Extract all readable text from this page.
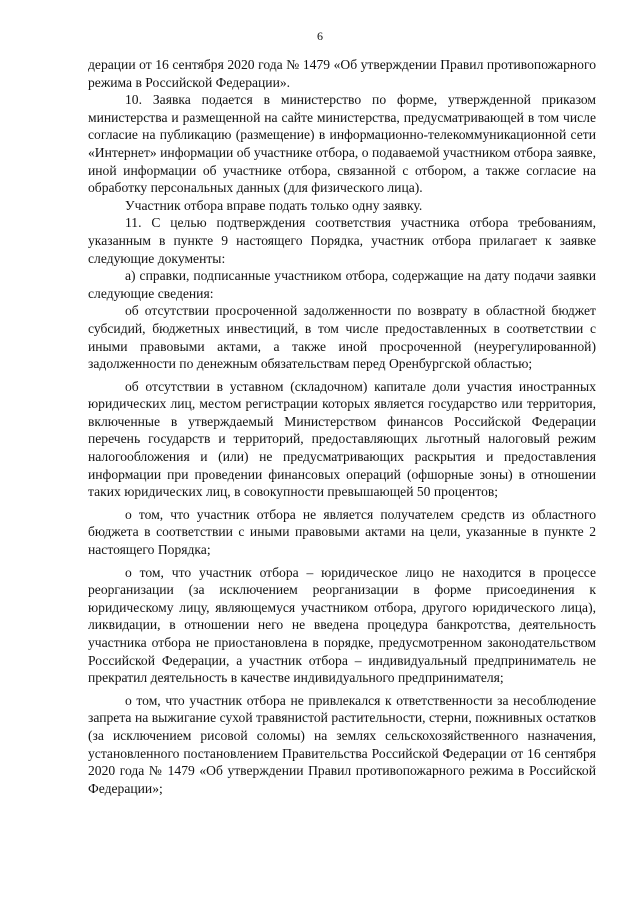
6

дерации от 16 сентября 2020 года № 1479 «Об утверждении Правил противопожарного режима в Российской Федерации».

10. Заявка подается в министерство по форме, утвержденной приказом министерства и размещенной на сайте министерства, предусматривающей в том числе согласие на публикацию (размещение) в информационно-телекоммуникационной сети «Интернет» информации об участнике отбора, о подаваемой участником отбора заявке, иной информации об участнике отбора, связанной с отбором, а также согласие на обработку персональных данных (для физического лица).

Участник отбора вправе подать только одну заявку.

11. С целью подтверждения соответствия участника отбора требованиям, указанным в пункте 9 настоящего Порядка, участник отбора прилагает к заявке следующие документы:

а) справки, подписанные участником отбора, содержащие на дату подачи заявки следующие сведения:

об отсутствии просроченной задолженности по возврату в областной бюджет субсидий, бюджетных инвестиций, в том числе предоставленных в соответствии с иными правовыми актами, а также иной просроченной (неурегулированной) задолженности по денежным обязательствам перед Оренбургской областью;

об отсутствии в уставном (складочном) капитале доли участия иностранных юридических лиц, местом регистрации которых является государство или территория, включенные в утверждаемый Министерством финансов Российской Федерации перечень государств и территорий, предоставляющих льготный налоговый режим налогообложения и (или) не предусматривающих раскрытия и предоставления информации при проведении финансовых операций (офшорные зоны) в отношении таких юридических лиц, в совокупности превышающей 50 процентов;

о том, что участник отбора не является получателем средств из областного бюджета в соответствии с иными правовыми актами на цели, указанные в пункте 2 настоящего Порядка;

о том, что участник отбора – юридическое лицо не находится в процессе реорганизации (за исключением реорганизации в форме присоединения к юридическому лицу, являющемуся участником отбора, другого юридического лица), ликвидации, в отношении него не введена процедура банкротства, деятельность участника отбора не приостановлена в порядке, предусмотренном законодательством Российской Федерации, а участник отбора – индивидуальный предприниматель не прекратил деятельность в качестве индивидуального предпринимателя;

о том, что участник отбора не привлекался к ответственности за несоблюдение запрета на выжигание сухой травянистой растительности, стерни, пожнивных остатков (за исключением рисовой соломы) на землях сельскохозяйственного назначения, установленного постановлением Правительства Российской Федерации от 16 сентября 2020 года № 1479 «Об утверждении Правил противопожарного режима в Российской Федерации»;
